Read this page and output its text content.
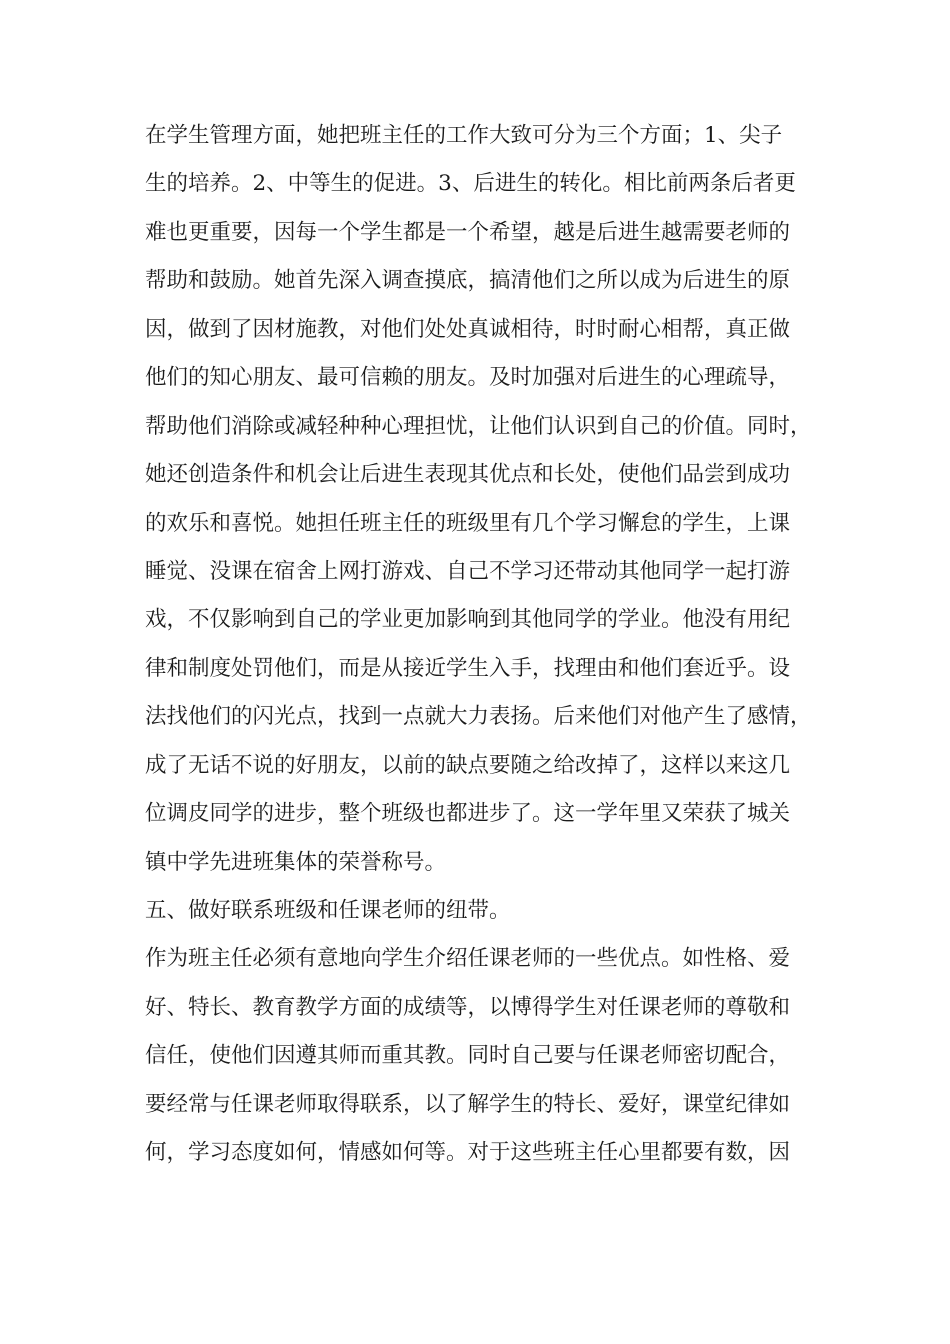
在学生管理方面，她把班主任的工作大致可分为三个方面；1、尖子
生的培养。2、中等生的促进。3、后进生的转化。相比前两条后者更
难也更重要，因每一个学生都是一个希望，越是后进生越需要老师的
帮助和鼓励。她首先深入调查摸底，搞清他们之所以成为后进生的原
因，做到了因材施教，对他们处处真诚相待，时时耐心相帮，真正做
他们的知心朋友、最可信赖的朋友。及时加强对后进生的心理疏导，
帮助他们消除或减轻种种心理担忧，让他们认识到自己的价值。同时，
她还创造条件和机会让后进生表现其优点和长处，使他们品尝到成功
的欢乐和喜悦。她担任班主任的班级里有几个学习懈怠的学生，上课
睡觉、没课在宿舍上网打游戏、自己不学习还带动其他同学一起打游
戏，不仅影响到自己的学业更加影响到其他同学的学业。他没有用纪
律和制度处罚他们，而是从接近学生入手，找理由和他们套近乎。设
法找他们的闪光点，找到一点就大力表扬。后来他们对他产生了感情，
成了无话不说的好朋友，以前的缺点要随之给改掉了，这样以来这几
位调皮同学的进步，整个班级也都进步了。这一学年里又荣获了城关
镇中学先进班集体的荣誉称号。
五、做好联系班级和任课老师的纽带。
作为班主任必须有意地向学生介绍任课老师的一些优点。如性格、爱
好、特长、教育教学方面的成绩等，以博得学生对任课老师的尊敬和
信任，使他们因遵其师而重其教。同时自己要与任课老师密切配合，
要经常与任课老师取得联系，以了解学生的特长、爱好，课堂纪律如
何，学习态度如何，情感如何等。对于这些班主任心里都要有数，因
